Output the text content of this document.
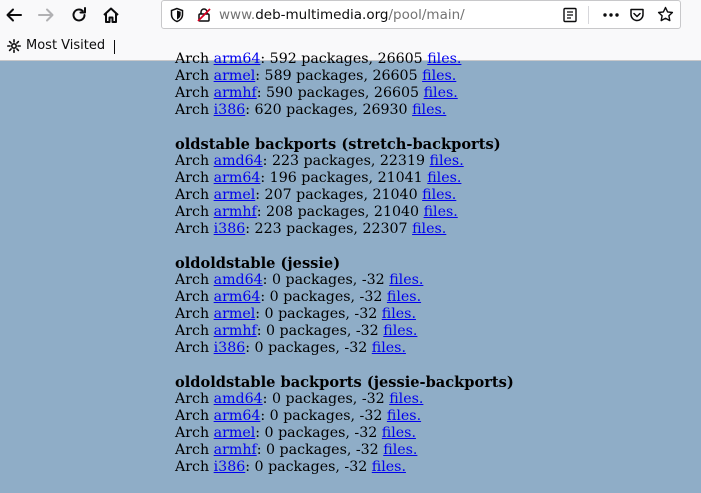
www.deb-multimedia.org/pool/main/
Most Visited
Arch arm64: 592 packages, 26605 files.
Arch armel: 589 packages, 26605 files.
Arch armhf: 590 packages, 26605 files.
Arch i386: 620 packages, 26930 files.
oldstable backports (stretch-backports)
Arch amd64: 223 packages, 22319 files.
Arch arm64: 196 packages, 21041 files.
Arch armel: 207 packages, 21040 files.
Arch armhf: 208 packages, 21040 files.
Arch i386: 223 packages, 22307 files.
oldoldstable (jessie)
Arch amd64: 0 packages, -32 files.
Arch arm64: 0 packages, -32 files.
Arch armel: 0 packages, -32 files.
Arch armhf: 0 packages, -32 files.
Arch i386: 0 packages, -32 files.
oldoldstable backports (jessie-backports)
Arch amd64: 0 packages, -32 files.
Arch arm64: 0 packages, -32 files.
Arch armel: 0 packages, -32 files.
Arch armhf: 0 packages, -32 files.
Arch i386: 0 packages, -32 files.
